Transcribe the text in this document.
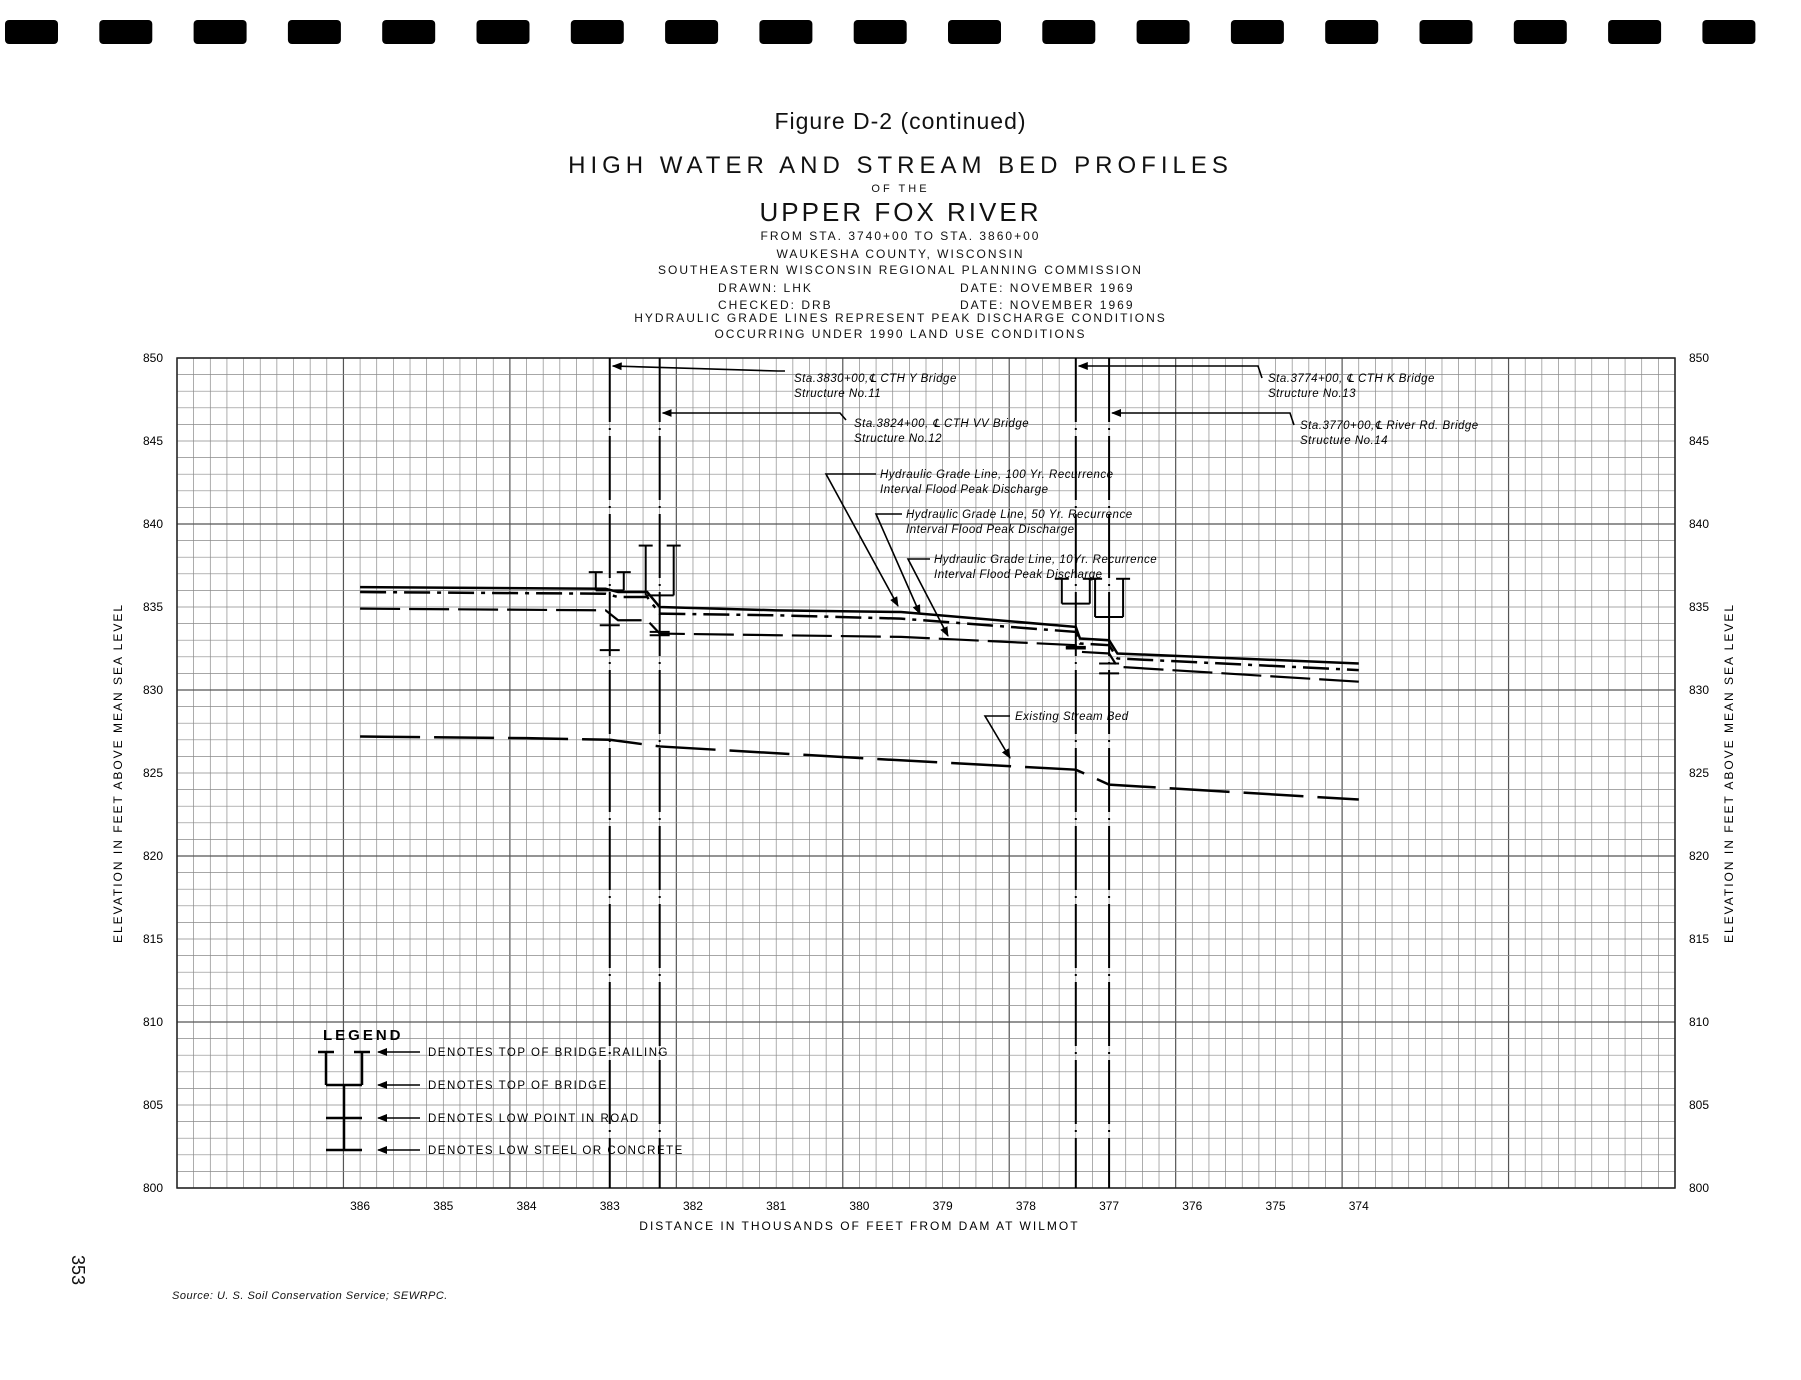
Figure D-2 (continued)
HIGH WATER AND STREAM BED PROFILES
OF THE
UPPER FOX RIVER
FROM STA. 3740+00 TO STA. 3860+00
WAUKESHA COUNTY, WISCONSIN
SOUTHEASTERN WISCONSIN REGIONAL PLANNING COMMISSION
DRAWN: LHK	DATE: NOVEMBER 1969
CHECKED: DRB	DATE: NOVEMBER 1969
HYDRAULIC GRADE LINES REPRESENT PEAK DISCHARGE CONDITIONS
OCCURRING UNDER 1990 LAND USE CONDITIONS
850	850
845	845
840	840
835	835
830	830
825	825
820	820
815	815
810	810
805	805
800	800
386	385	384	383	382	381	380	379	378	377	376	375	374
DISTANCE IN THOUSANDS OF FEET FROM DAM AT WILMOT
ELEVATION IN FEET ABOVE MEAN SEA LEVEL	ELEVATION IN FEET ABOVE MEAN SEA LEVEL
Sta.3830+00,℄ CTH Y Bridge
Structure No.11
Sta.3824+00, ℄ CTH VV Bridge
Structure No.12
Sta.3774+00, ℄ CTH K Bridge
Structure No.13
Sta.3770+00,℄ River Rd. Bridge
Structure No.14
Hydraulic Grade Line, 100 Yr. Recurrence
Interval Flood Peak Discharge
Hydraulic Grade Line, 50 Yr. Recurrence
Interval Flood Peak Discharge
Hydraulic Grade Line, 10Yr. Recurrence
Interval Flood Peak Discharge
Existing Stream Bed
LEGEND
DENOTES TOP OF BRIDGE RAILING
DENOTES TOP OF BRIDGE
DENOTES LOW POINT IN ROAD
DENOTES LOW STEEL OR CONCRETE
353
Source: U. S. Soil Conservation Service; SEWRPC.
